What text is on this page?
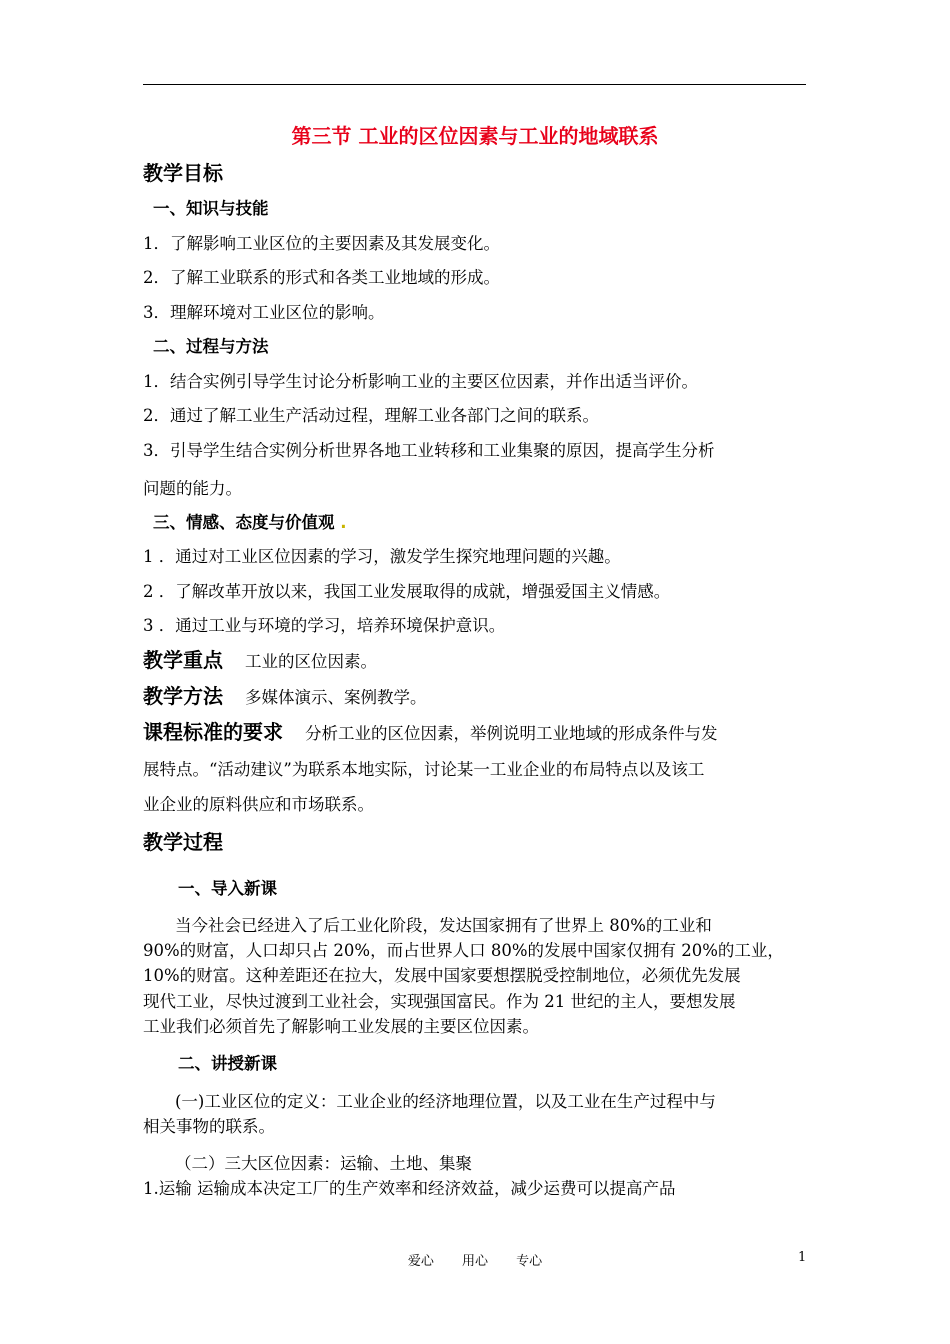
第三节 工业的区位因素与工业的地域联系
教学目标
一、知识与技能
1．了解影响工业区位的主要因素及其发展变化。
2．了解工业联系的形式和各类工业地域的形成。
3．理解环境对工业区位的影响。
二、过程与方法
1．结合实例引导学生讨论分析影响工业的主要区位因素，并作出适当评价。
2．通过了解工业生产活动过程，理解工业各部门之间的联系。
3．引导学生结合实例分析世界各地工业转移和工业集聚的原因，提高学生分析
问题的能力。
三、情感、态度与价值观 .
1 ．通过对工业区位因素的学习，激发学生探究地理问题的兴趣。
2 ．了解改革开放以来，我国工业发展取得的成就，增强爱国主义情感。
3 ．通过工业与环境的学习，培养环境保护意识。
教学重点 工业的区位因素。
教学方法 多媒体演示、案例教学。
课程标准的要求 分析工业的区位因素，举例说明工业地域的形成条件与发
展特点。“活动建议”为联系本地实际，讨论某一工业企业的布局特点以及该工
业企业的原料供应和市场联系。
教学过程
一、导入新课
当今社会已经进入了后工业化阶段，发达国家拥有了世界上 80%的工业和
90%的财富，人口却只占 20%，而占世界人口 80%的发展中国家仅拥有 20%的工业，
10%的财富。这种差距还在拉大，发展中国家要想摆脱受控制地位，必须优先发展
现代工业，尽快过渡到工业社会，实现强国富民。作为 21 世纪的主人，要想发展
工业我们必须首先了解影响工业发展的主要区位因素。
二、讲授新课
(一)工业区位的定义：工业企业的经济地理位置，以及工业在生产过程中与
相关事物的联系。
（二）三大区位因素：运输、土地、集聚
1.运输 运输成本决定工厂的生产效率和经济效益，减少运费可以提高产品
爱心 用心 专心	1
